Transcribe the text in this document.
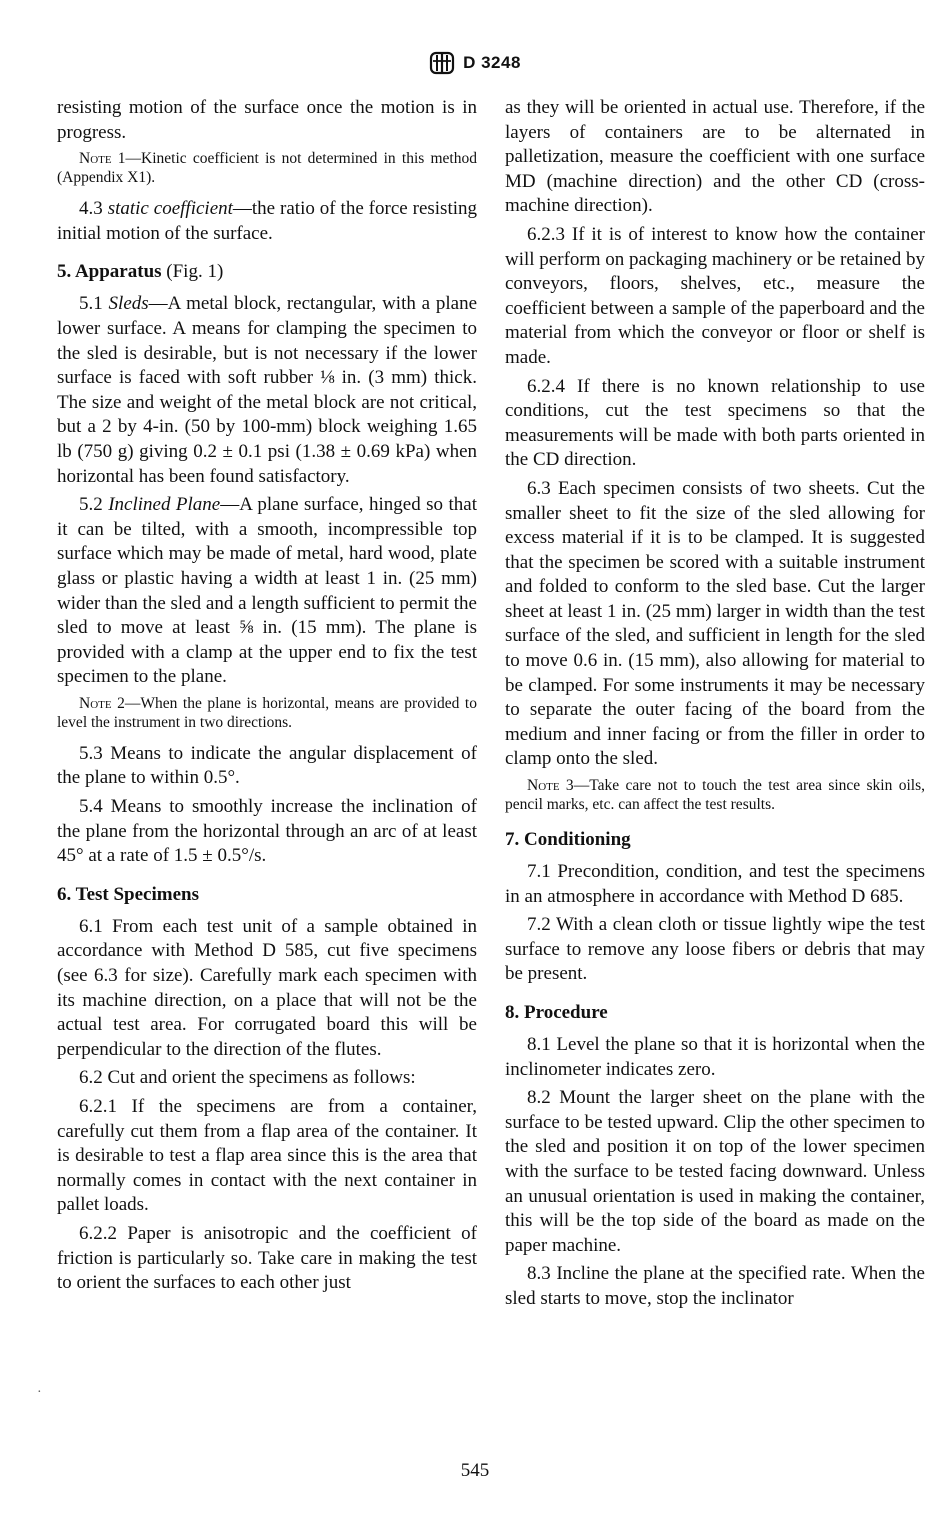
D 3248

resisting motion of the surface once the motion is in progress.

Note 1—Kinetic coefficient is not determined in this method (Appendix X1).

4.3 static coefficient—the ratio of the force resisting initial motion of the surface.

5. Apparatus (Fig. 1)

5.1 Sleds—A metal block, rectangular, with a plane lower surface. A means for clamping the specimen to the sled is desirable, but is not necessary if the lower surface is faced with soft rubber ⅛ in. (3 mm) thick. The size and weight of the metal block are not critical, but a 2 by 4-in. (50 by 100-mm) block weighing 1.65 lb (750 g) giving 0.2 ± 0.1 psi (1.38 ± 0.69 kPa) when horizontal has been found satisfactory.

5.2 Inclined Plane—A plane surface, hinged so that it can be tilted, with a smooth, incompressible top surface which may be made of metal, hard wood, plate glass or plastic having a width at least 1 in. (25 mm) wider than the sled and a length sufficient to permit the sled to move at least ⅝ in. (15 mm). The plane is provided with a clamp at the upper end to fix the test specimen to the plane.

Note 2—When the plane is horizontal, means are provided to level the instrument in two directions.

5.3 Means to indicate the angular displacement of the plane to within 0.5°.

5.4 Means to smoothly increase the inclination of the plane from the horizontal through an arc of at least 45° at a rate of 1.5 ± 0.5°/s.

6. Test Specimens

6.1 From each test unit of a sample obtained in accordance with Method D 585, cut five specimens (see 6.3 for size). Carefully mark each specimen with its machine direction, on a place that will not be the actual test area. For corrugated board this will be perpendicular to the direction of the flutes.

6.2 Cut and orient the specimens as follows:

6.2.1 If the specimens are from a container, carefully cut them from a flap area of the container. It is desirable to test a flap area since this is the area that normally comes in contact with the next container in pallet loads.

6.2.2 Paper is anisotropic and the coefficient of friction is particularly so. Take care in making the test to orient the surfaces to each other just

as they will be oriented in actual use. Therefore, if the layers of containers are to be alternated in palletization, measure the coefficient with one surface MD (machine direction) and the other CD (cross-machine direction).

6.2.3 If it is of interest to know how the container will perform on packaging machinery or be retained by conveyors, floors, shelves, etc., measure the coefficient between a sample of the paperboard and the material from which the conveyor or floor or shelf is made.

6.2.4 If there is no known relationship to use conditions, cut the test specimens so that the measurements will be made with both parts oriented in the CD direction.

6.3 Each specimen consists of two sheets. Cut the smaller sheet to fit the size of the sled allowing for excess material if it is to be clamped. It is suggested that the specimen be scored with a suitable instrument and folded to conform to the sled base. Cut the larger sheet at least 1 in. (25 mm) larger in width than the test surface of the sled, and sufficient in length for the sled to move 0.6 in. (15 mm), also allowing for material to be clamped. For some instruments it may be necessary to separate the outer facing of the board from the medium and inner facing or from the filler in order to clamp onto the sled.

Note 3—Take care not to touch the test area since skin oils, pencil marks, etc. can affect the test results.

7. Conditioning

7.1 Precondition, condition, and test the specimens in an atmosphere in accordance with Method D 685.

7.2 With a clean cloth or tissue lightly wipe the test surface to remove any loose fibers or debris that may be present.

8. Procedure

8.1 Level the plane so that it is horizontal when the inclinometer indicates zero.

8.2 Mount the larger sheet on the plane with the surface to be tested upward. Clip the other specimen to the sled and position it on top of the lower specimen with the surface to be tested facing downward. Unless an unusual orientation is used in making the container, this will be the top side of the board as made on the paper machine.

8.3 Incline the plane at the specified rate. When the sled starts to move, stop the inclinator

·
545
